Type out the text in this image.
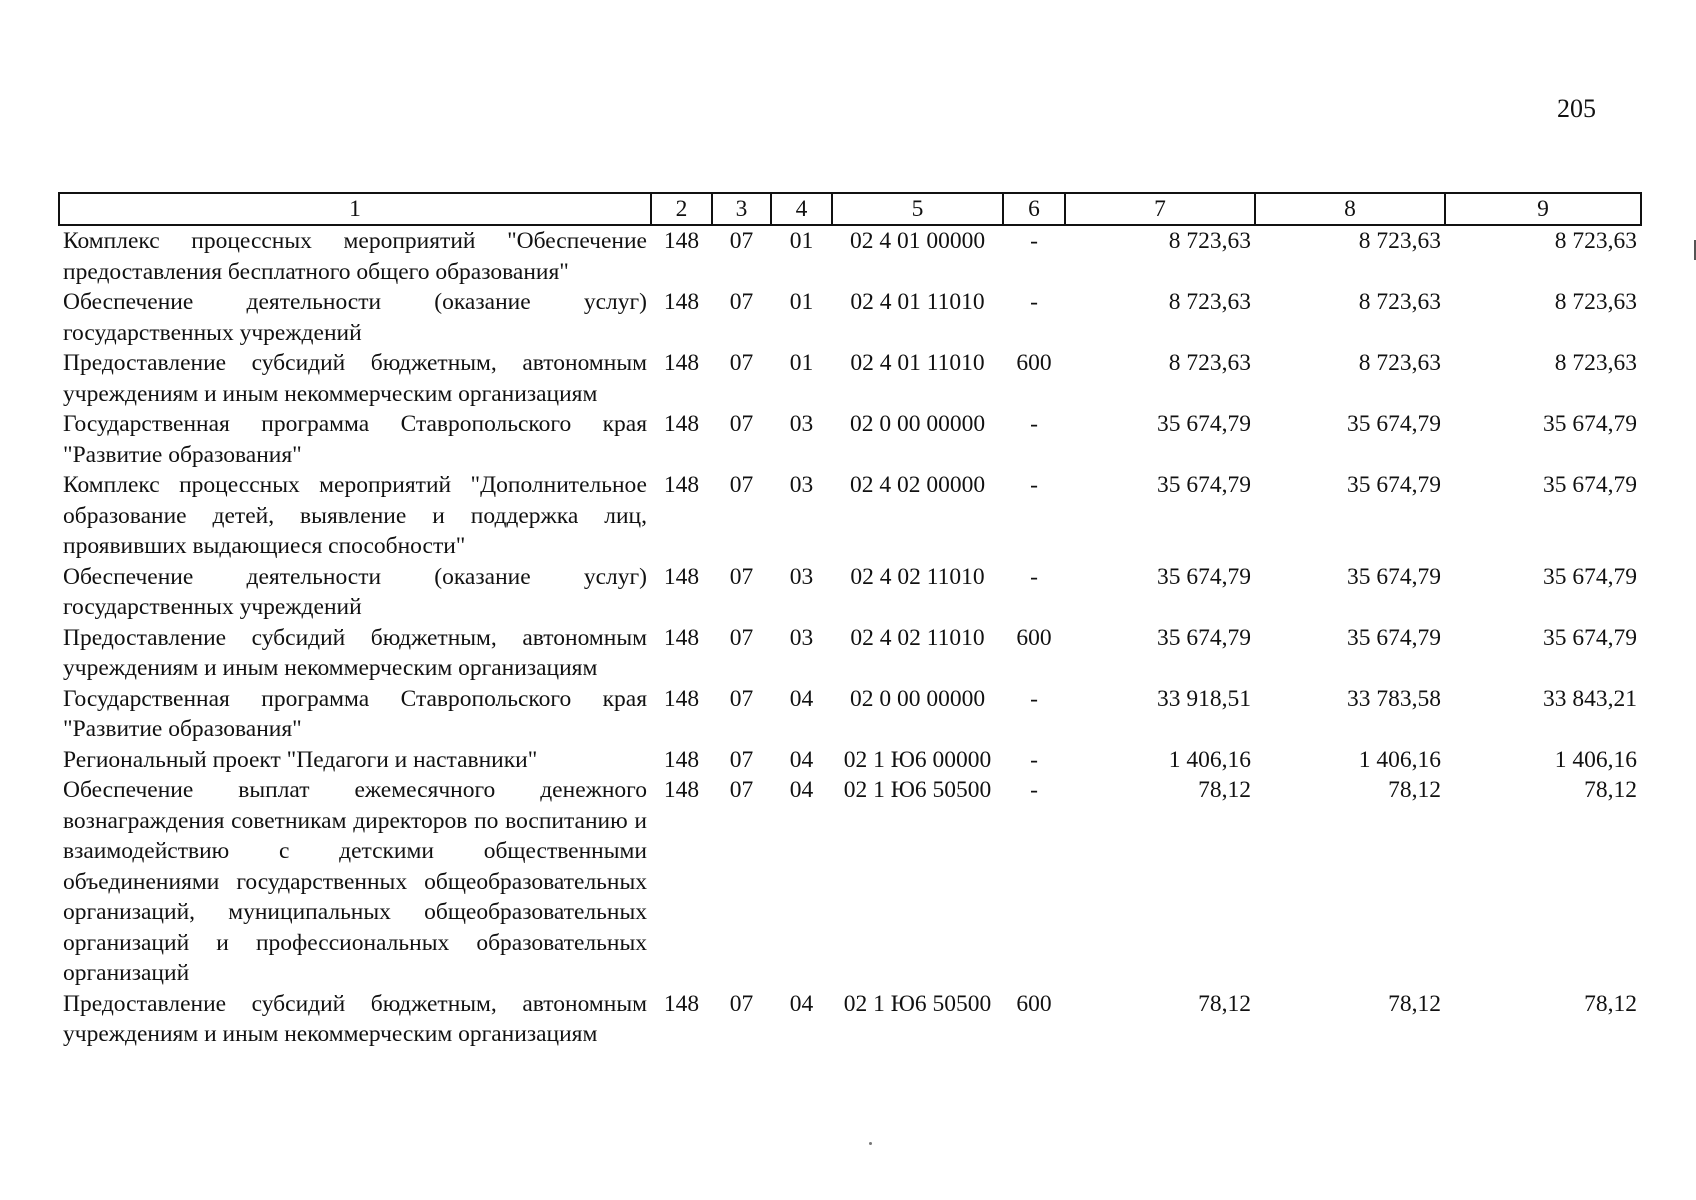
205
1	2	3	4	5	6	7	8	9
Комплекс процессных мероприятий "Обеспечение предоставления бесплатного общего образования"	148	07	01	02 4 01 00000	-	8 723,63	8 723,63	8 723,63
Обеспечение деятельности (оказание услуг) государственных учреждений	148	07	01	02 4 01 11010	-	8 723,63	8 723,63	8 723,63
Предоставление субсидий бюджетным, автономным учреждениям и иным некоммерческим организациям	148	07	01	02 4 01 11010	600	8 723,63	8 723,63	8 723,63
Государственная программа Ставропольского края "Развитие образования"	148	07	03	02 0 00 00000	-	35 674,79	35 674,79	35 674,79
Комплекс процессных мероприятий "Дополнительное образование детей, выявление и поддержка лиц, проявивших выдающиеся способности"	148	07	03	02 4 02 00000	-	35 674,79	35 674,79	35 674,79
Обеспечение деятельности (оказание услуг) государственных учреждений	148	07	03	02 4 02 11010	-	35 674,79	35 674,79	35 674,79
Предоставление субсидий бюджетным, автономным учреждениям и иным некоммерческим организациям	148	07	03	02 4 02 11010	600	35 674,79	35 674,79	35 674,79
Государственная программа Ставропольского края "Развитие образования"	148	07	04	02 0 00 00000	-	33 918,51	33 783,58	33 843,21
Региональный проект "Педагоги и наставники"	148	07	04	02 1 Ю6 00000	-	1 406,16	1 406,16	1 406,16
Обеспечение выплат ежемесячного денежного вознаграждения советникам директоров по воспитанию и взаимодействию с детскими общественными объединениями государственных общеобразовательных организаций, муниципальных общеобразовательных организаций и профессиональных образовательных организаций	148	07	04	02 1 Ю6 50500	-	78,12	78,12	78,12
Предоставление субсидий бюджетным, автономным учреждениям и иным некоммерческим организациям	148	07	04	02 1 Ю6 50500	600	78,12	78,12	78,12
